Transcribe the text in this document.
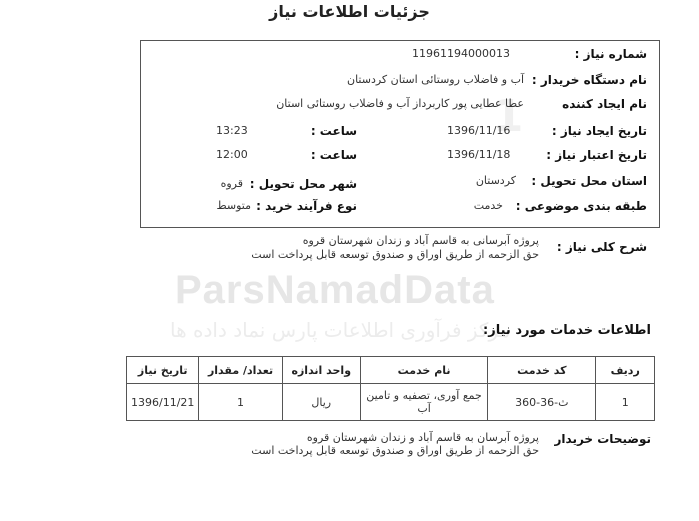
جزئیات اطلاعات نیاز
ParsNamadData
مرکز فرآوری اطلاعات پارس نماد داده ها
1
شماره نیاز :
11961194000013
نام دستگاه خریدار :
آب و فاضلاب روستائی استان کردستان
نام ایجاد کننده
عطا عطایی پور کاربرداز آب و فاضلاب روستائی استان
تاریخ ایجاد نیاز :
1396/11/16
ساعت :
13:23
تاریخ اعتبار نیاز :
1396/11/18
ساعت :
12:00
استان محل تحویل :
کردستان
شهر محل تحویل :
قروه
طبقه بندی موضوعی :
خدمت
نوع فرآیند خرید :
متوسط
شرح کلی نیاز :
پروژه آبرسانی به قاسم آباد و زندان شهرستان قروه
حق الزحمه از طریق اوراق و صندوق توسعه قابل پرداخت است
اطلاعات خدمات مورد نیاز:
ردیف	کد خدمت	نام خدمت	واحد اندازه	تعداد/ مقدار	تاریخ نیاز
1	ث-36-360	جمع آوری، تصفیه و تامین آب	ریال	1	1396/11/21
توضیحات خریدار
پروژه آبرسان به قاسم آباد و زندان شهرستان قروه
حق الزحمه از طریق اوراق و صندوق توسعه قابل پرداخت است
